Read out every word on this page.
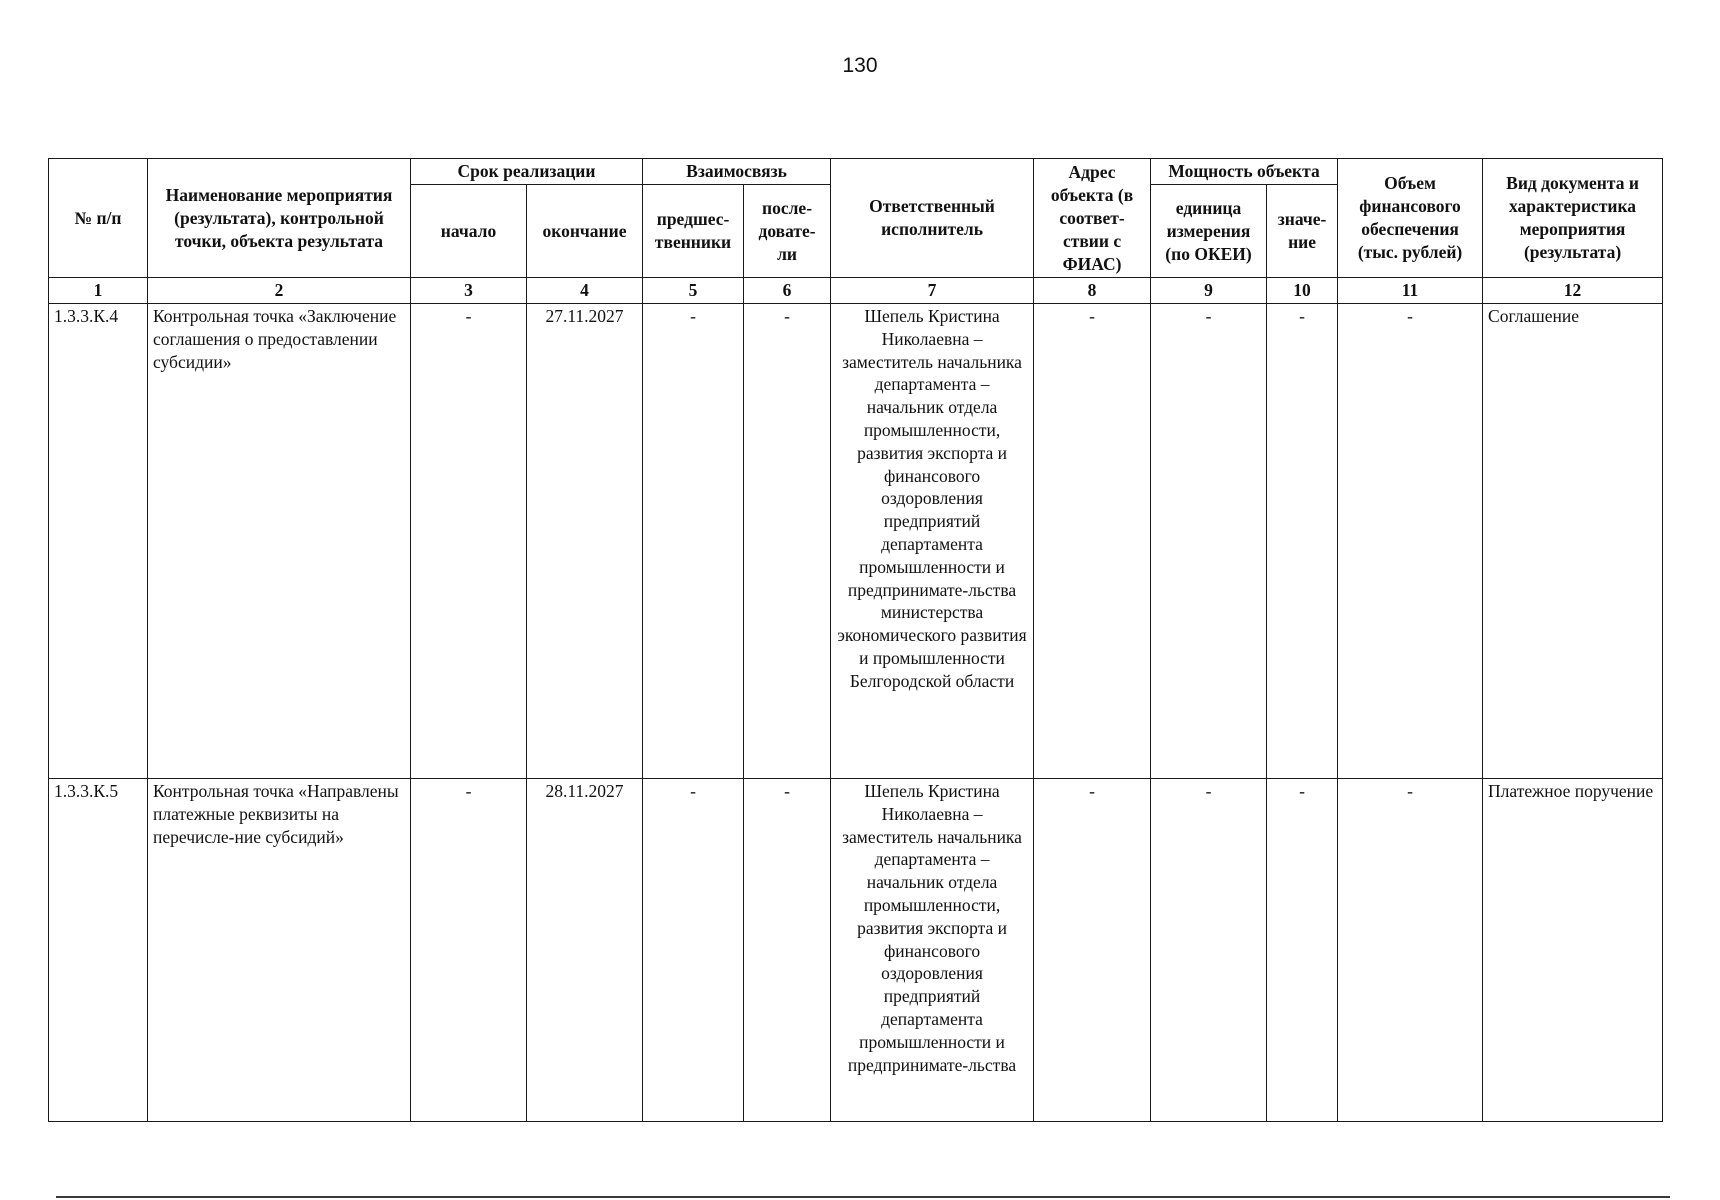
130
№ п/п	Наименование мероприятия (результата), контрольной точки, объекта результата	Срок реализации		Взаимосвязь		Ответственный исполнитель	Адрес объекта (в соответ-ствии с ФИАС)	Мощность объекта		Объем финансового обеспечения (тыс. рублей)	Вид документа и характеристика мероприятия (результата)
		начало	окончание	предшес-твенники	после-довате-ли			единица измерения (по ОКЕИ)	значе-ние		
1	2	3	4	5	6	7	8	9	10	11	12
1.3.3.К.4	Контрольная точка «Заключение соглашения о предоставлении субсидии»	-	27.11.2027	-	-	Шепель Кристина Николаевна – заместитель начальника департамента – начальник отдела промышленности, развития экспорта и финансового оздоровления предприятий департамента промышленности и предпринимате-льства министерства экономического развития и промышленности Белгородской области	-	-	-	-	Соглашение
1.3.3.К.5	Контрольная точка «Направлены платежные реквизиты на перечисле-ние субсидий»	-	28.11.2027	-	-	Шепель Кристина Николаевна – заместитель начальника департамента – начальник отдела промышленности, развития экспорта и финансового оздоровления предприятий департамента промышленности и предпринимате-льства	-	-	-	-	Платежное поручение
